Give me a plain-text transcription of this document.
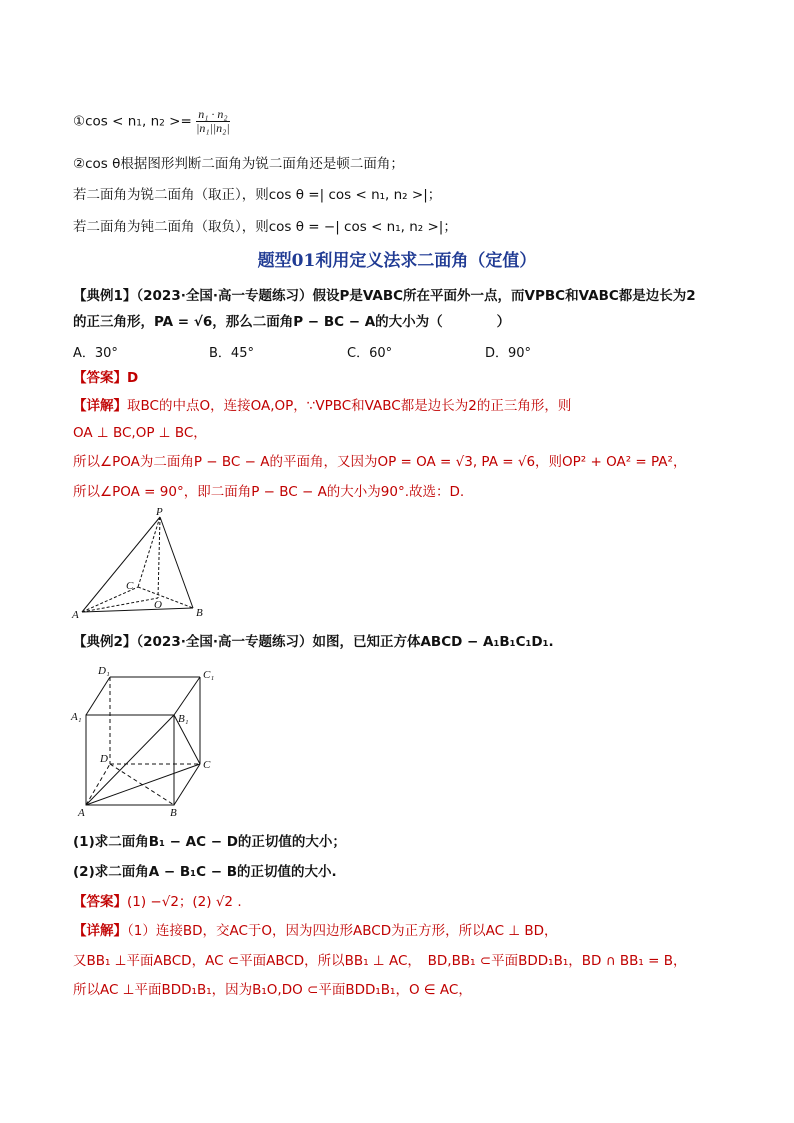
①cos < n1, $n2 >= \frac{\text{n₁ · n₂}}{\text{|n₁||n₂|}}$
②cos θ根据图形判断二面角为锐二面角还是顿二面角；
若二面角为锐二面角（取正），则cos θ =| cos < n₁, n₂ >|；
若二面角为钝二面角（取负），则cos θ = −| cos < n₁, n₂ >|；
题型01利用定义法求二面角（定值）
【典例1】（2023·全国·高一专题练习）假设P是VABC所在平面外一点，而VPBC和VABC都是边长为2
的正三角形，PA = √6，那么二面角P − BC − A的大小为（　　　　）
A．30°	B．45°	C．60°	D．90°
【答案】D
【详解】取BC的中点O，连接OA,OP，∵VPBC和VABC都是边长为2的正三角形，则
OA ⊥ BC,OP ⊥ BC，
所以∠POA为二面角P − BC − A的平面角，又因为OP = OA = √3, PA = √6，则OP² + OA² = PA²，
所以∠POA = 90°，即二面角P − BC − A的大小为90°.故选：D.
P
A	B
C
O
【典例2】（2023·全国·高一专题练习）如图，已知正方体ABCD − A₁B₁C₁D₁.
D₁	C₁
A₁	B₁
D	C
A	B
(1)求二面角B₁ − AC − D的正切值的大小；
(2)求二面角A − B₁C − B的正切值的大小.
【答案】(1) −√2；(2) √2 .
【详解】（1）连接BD，交AC于O，因为四边形ABCD为正方形，所以AC ⊥ BD，
又BB₁ ⊥平面ABCD，AC ⊂平面ABCD，所以BB₁ ⊥ AC，　BD,BB₁ ⊂平面BDD₁B₁，BD ∩ BB₁ = B，
所以AC ⊥平面BDD₁B₁，因为B₁O,DO ⊂平面BDD₁B₁，O ∈ AC，
